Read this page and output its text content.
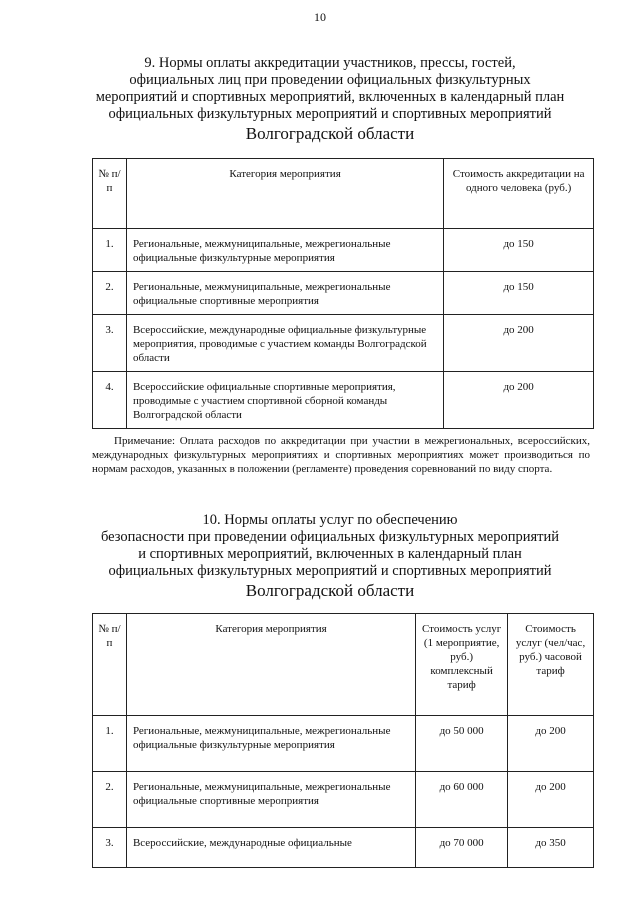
10
9. Нормы оплаты аккредитации участников, прессы, гостей,
официальных лиц при проведении официальных физкультурных
мероприятий и спортивных мероприятий, включенных в календарный план
официальных физкультурных мероприятий и спортивных мероприятий
Волгоградской области
№ п/п	Категория мероприятия	Стоимость аккредитации на одного человека (руб.)
1.	Региональные, межмуниципальные, межрегиональные официальные физкультурные мероприятия	до 150
2.	Региональные, межмуниципальные, межрегиональные официальные спортивные мероприятия	до 150
3.	Всероссийские, международные официальные физкультурные мероприятия, проводимые с участием команды Волгоградской области	до 200
4.	Всероссийские официальные спортивные мероприятия, проводимые с участием спортивной сборной команды Волгоградской области	до 200
Примечание: Оплата расходов по аккредитации при участии в межрегиональных, всероссийских, международных физкультурных мероприятиях и спортивных мероприятиях может производиться по нормам расходов, указанных в положении (регламенте) проведения соревнований по виду спорта.
10. Нормы оплаты услуг по обеспечению
безопасности при проведении официальных физкультурных мероприятий
и спортивных мероприятий, включенных в календарный план
официальных физкультурных мероприятий и спортивных мероприятий
Волгоградской области
№ п/п	Категория мероприятия	Стоимость услуг (1 мероприятие, руб.) комплексный тариф	Стоимость услуг (чел/час, руб.) часовой тариф
1.	Региональные, межмуниципальные, межрегиональные официальные физкультурные мероприятия	до 50 000	до 200
2.	Региональные, межмуниципальные, межрегиональные официальные спортивные мероприятия	до 60 000	до 200
3.	Всероссийские, международные официальные	до 70 000	до 350
